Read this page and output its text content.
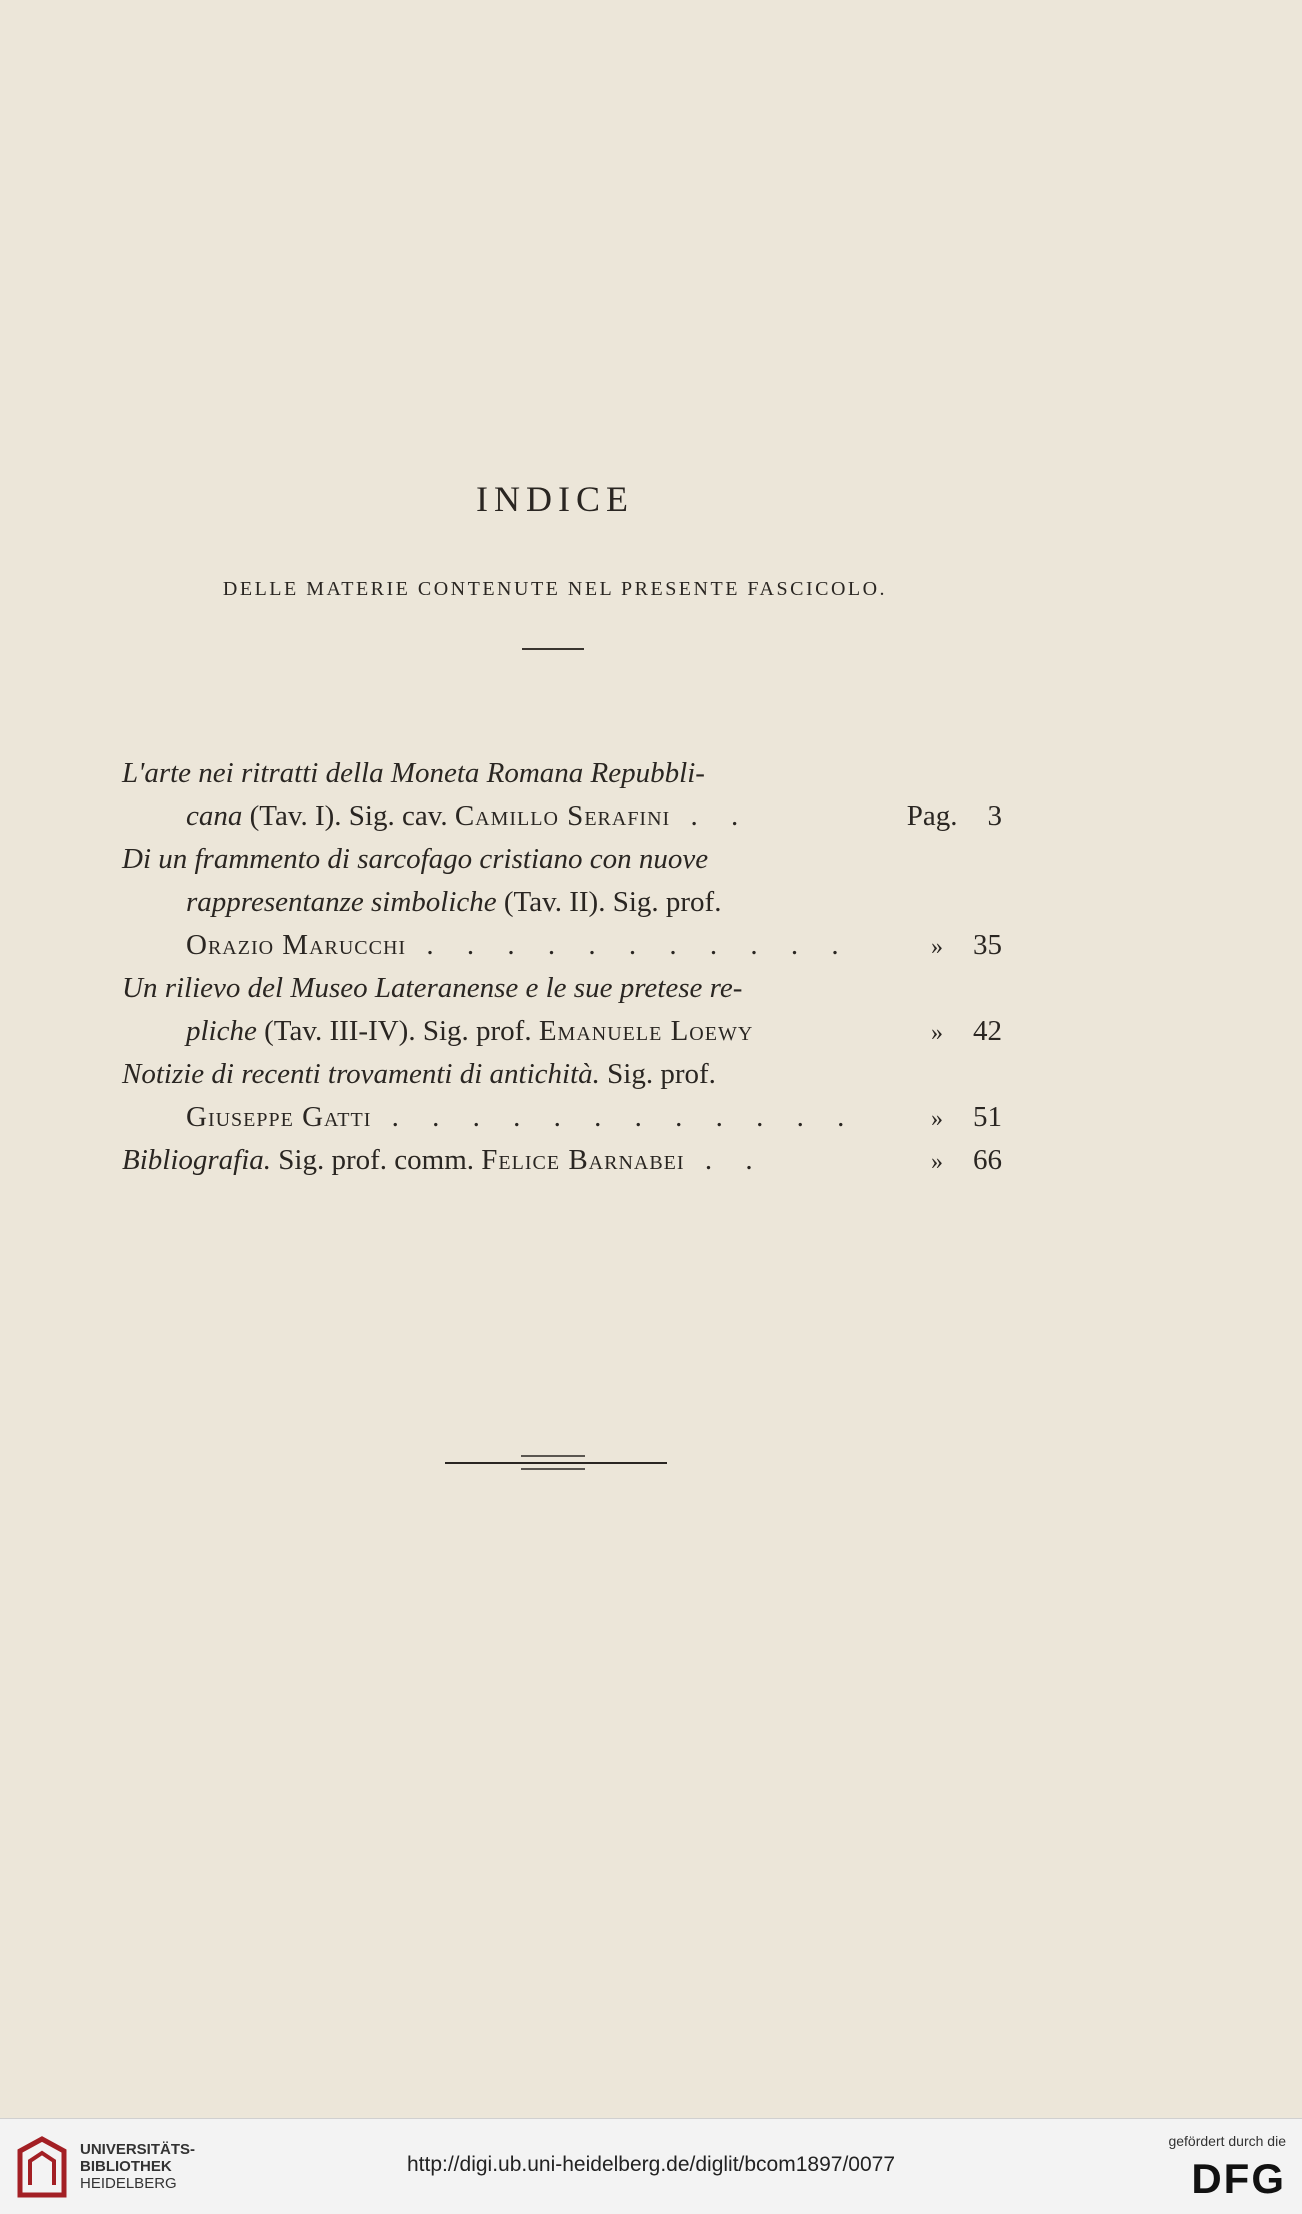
INDICE
DELLE MATERIE CONTENUTE NEL PRESENTE FASCICOLO.
L'arte nei ritratti della Moneta Romana Repubbli-
cana (Tav. I). Sig. cav. Camillo Serafini . .	Pag. 3
Di un frammento di sarcofago cristiano con nuove
rappresentanze simboliche (Tav. II). Sig. prof.
Orazio Marucchi . . . . . . . . . . .	» 35
Un rilievo del Museo Lateranense e le sue pretese re-
pliche (Tav. III-IV). Sig. prof. Emanuele Loewy	» 42
Notizie di recenti trovamenti di antichità. Sig. prof.
Giuseppe Gatti . . . . . . . . . . . .	» 51
Bibliografia. Sig. prof. comm. Felice Barnabei . .	» 66
UNIVERSITÄTS-
BIBLIOTHEK
HEIDELBERG
http://digi.ub.uni-heidelberg.de/diglit/bcom1897/0077
gefördert durch die
DFG
